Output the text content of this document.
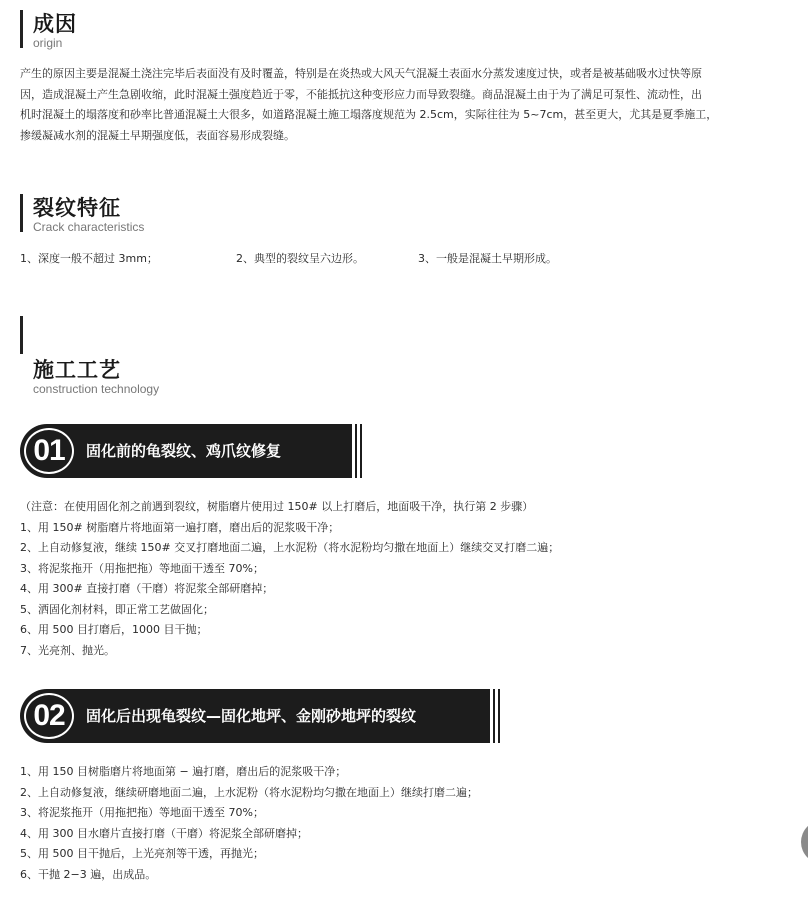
成因
origin
产生的原因主要是混凝土浇注完毕后表面没有及时覆盖，特别是在炎热或大风天气混凝土表面水分蒸发速度过快，或者是被基础吸水过快等原
因，造成混凝土产生急剧收缩，此时混凝土强度趋近于零，不能抵抗这种变形应力而导致裂缝。商品混凝土由于为了满足可泵性、流动性，出
机时混凝土的塌落度和砂率比普通混凝土大很多，如道路混凝土施工塌落度规范为 2.5cm，实际往往为 5~7cm，甚至更大，尤其是夏季施工，
掺缓凝减水剂的混凝土早期强度低，表面容易形成裂缝。
裂纹特征
Crack characteristics
1、深度一般不超过 3mm；	2、典型的裂纹呈六边形。	3、一般是混凝土早期形成。
施工工艺
construction technology
01	固化前的龟裂纹、鸡爪纹修复
（注意：在使用固化剂之前遇到裂纹，树脂磨片使用过 150# 以上打磨后，地面吸干净，执行第 2 步骤）
1、用 150# 树脂磨片将地面第一遍打磨，磨出后的泥浆吸干净；
2、上自动修复液，继续 150# 交叉打磨地面二遍，上水泥粉（将水泥粉均匀撒在地面上）继续交叉打磨二遍；
3、将泥浆拖开（用拖把拖）等地面干透至 70%；
4、用 300# 直接打磨（干磨）将泥浆全部研磨掉；
5、洒固化剂材料，即正常工艺做固化；
6、用 500 目打磨后，1000 目干抛；
7、光亮剂、抛光。
02	固化后出现龟裂纹—固化地坪、金刚砂地坪的裂纹
1、用 150 目树脂磨片将地面第 − 遍打磨，磨出后的泥浆吸干净；
2、上自动修复液，继续研磨地面二遍，上水泥粉（将水泥粉均匀撒在地面上）继续打磨二遍；
3、将泥浆拖开（用拖把拖）等地面干透至 70%；
4、用 300 目水磨片直接打磨（干磨）将泥浆全部研磨掉；
5、用 500 目干抛后，上光亮剂等干透，再抛光；
6、干抛 2−3 遍，出成品。
